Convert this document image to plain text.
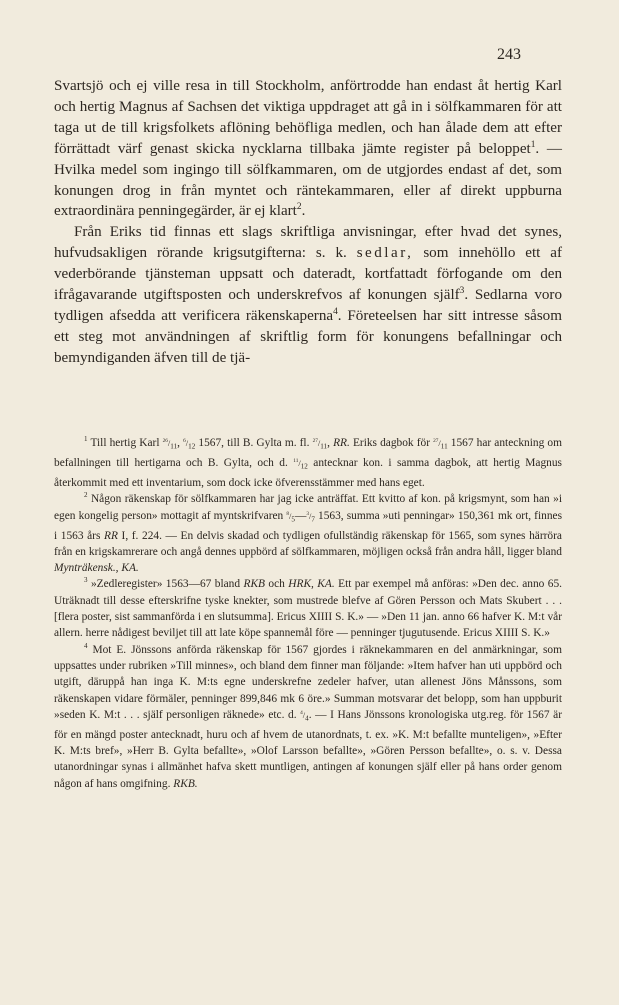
243

Svartsjö och ej ville resa in till Stockholm, anförtrodde han endast åt hertig Karl och hertig Magnus af Sachsen det viktiga uppdraget att gå in i sölfkammaren för att taga ut de till krigsfolkets aflöning behöfliga medlen, och han ålade dem att efter förrättadt värf genast skicka nycklarna tillbaka jämte register på beloppet$^1$. — Hvilka medel som ingingo till sölfkammaren, om de utgjordes endast af det, som konungen drog in från myntet och räntekammaren, eller af direkt uppburna extraordinära penningegärder, är ej klart$^2$.

Från Eriks tid finnas ett slags skriftliga anvisningar, efter hvad det synes, hufvudsakligen rörande krigsutgifterna: s. k. sedlar, som innehöllo ett af vederbörande tjänsteman uppsatt och dateradt, kortfattadt förfogande om den ifrågavarande utgiftsposten och underskrefvos af konungen själf$^3$. Sedlarna voro tydligen afsedda att verificera räkenskaperna$^4$. Företeelsen har sitt intresse såsom ett steg mot användningen af skriftlig form för konungens befallningar och bemyndiganden äfven till de tjä-

$^1$ Till hertig Karl $^{26}/_{11}$, $^6/_{12}$ 1567, till B. Gylta m. fl. $^{27}/_{11}$, RR. Eriks dagbok för $^{27}/_{11}$ 1567 har anteckning om befallningen till hertigarna och B. Gylta, och d. $^{11}/_{12}$ antecknar kon. i samma dagbok, att hertig Magnus återkommit med ett inventarium, som dock icke öfverensstämmer med hans eget.

$^2$ Någon räkenskap för sölfkammaren har jag icke anträffat. Ett kvitto af kon. på krigsmynt, som han »i egen kongelig person» mottagit af myntskrifvaren $^8/_5—^3/_7$ 1563, summa »uti penningar» 150,361 mk ort, finnes i 1563 års RR I, f. 224. — En delvis skadad och tydligen ofullständig räkenskap för 1565, som synes härröra från en krigskamrerare och angå dennes uppbörd af sölfkammaren, möjligen också från andra håll, ligger bland Mynträkensk., KA.

$^3$ »Zedleregister» 1563—67 bland RKB och HRK, KA. Ett par exempel må anföras: »Den dec. anno 65. Uträknadt till desse efterskrifne tyske knekter, som mustrede blefve af Gören Persson och Mats Skubert . . . [flera poster, sist sammanförda i en slutsumma]. Ericus XIIII S. K.» — »Den 11 jan. anno 66 hafver K. M:t vår allern. herre nådigest beviljet till att late köpe spannemål före — penninger tjugutusende. Ericus XIIII S. K.»

$^4$ Mot E. Jönssons anförda räkenskap för 1567 gjordes i räknekammaren en del anmärkningar, som uppsattes under rubriken »Till minnes», och bland dem finner man följande: »Item hafver han uti uppbörd och utgift, däruppå han inga K. M:ts egne underskrefne zedeler hafver, utan allenest Jöns Månssons, som räkenskapen vidare förmäler, penninger 899,846 mk 6 öre.» Summan motsvarar det belopp, som han uppburit »seden K. M:t . . . själf personligen räknede» etc. d. $^4/_4$. — I Hans Jönssons kronologiska utg.reg. för 1567 är för en mängd poster antecknadt, huru och af hvem de utanordnats, t. ex. »K. M:t befallte munteligen», »Efter K. M:ts bref», »Herr B. Gylta befallte», »Olof Larsson befallte», »Gören Persson befallte», o. s. v. Dessa utanordningar synas i allmänhet hafva skett muntligen, antingen af konungen själf eller på hans order genom någon af hans omgifning. RKB.
